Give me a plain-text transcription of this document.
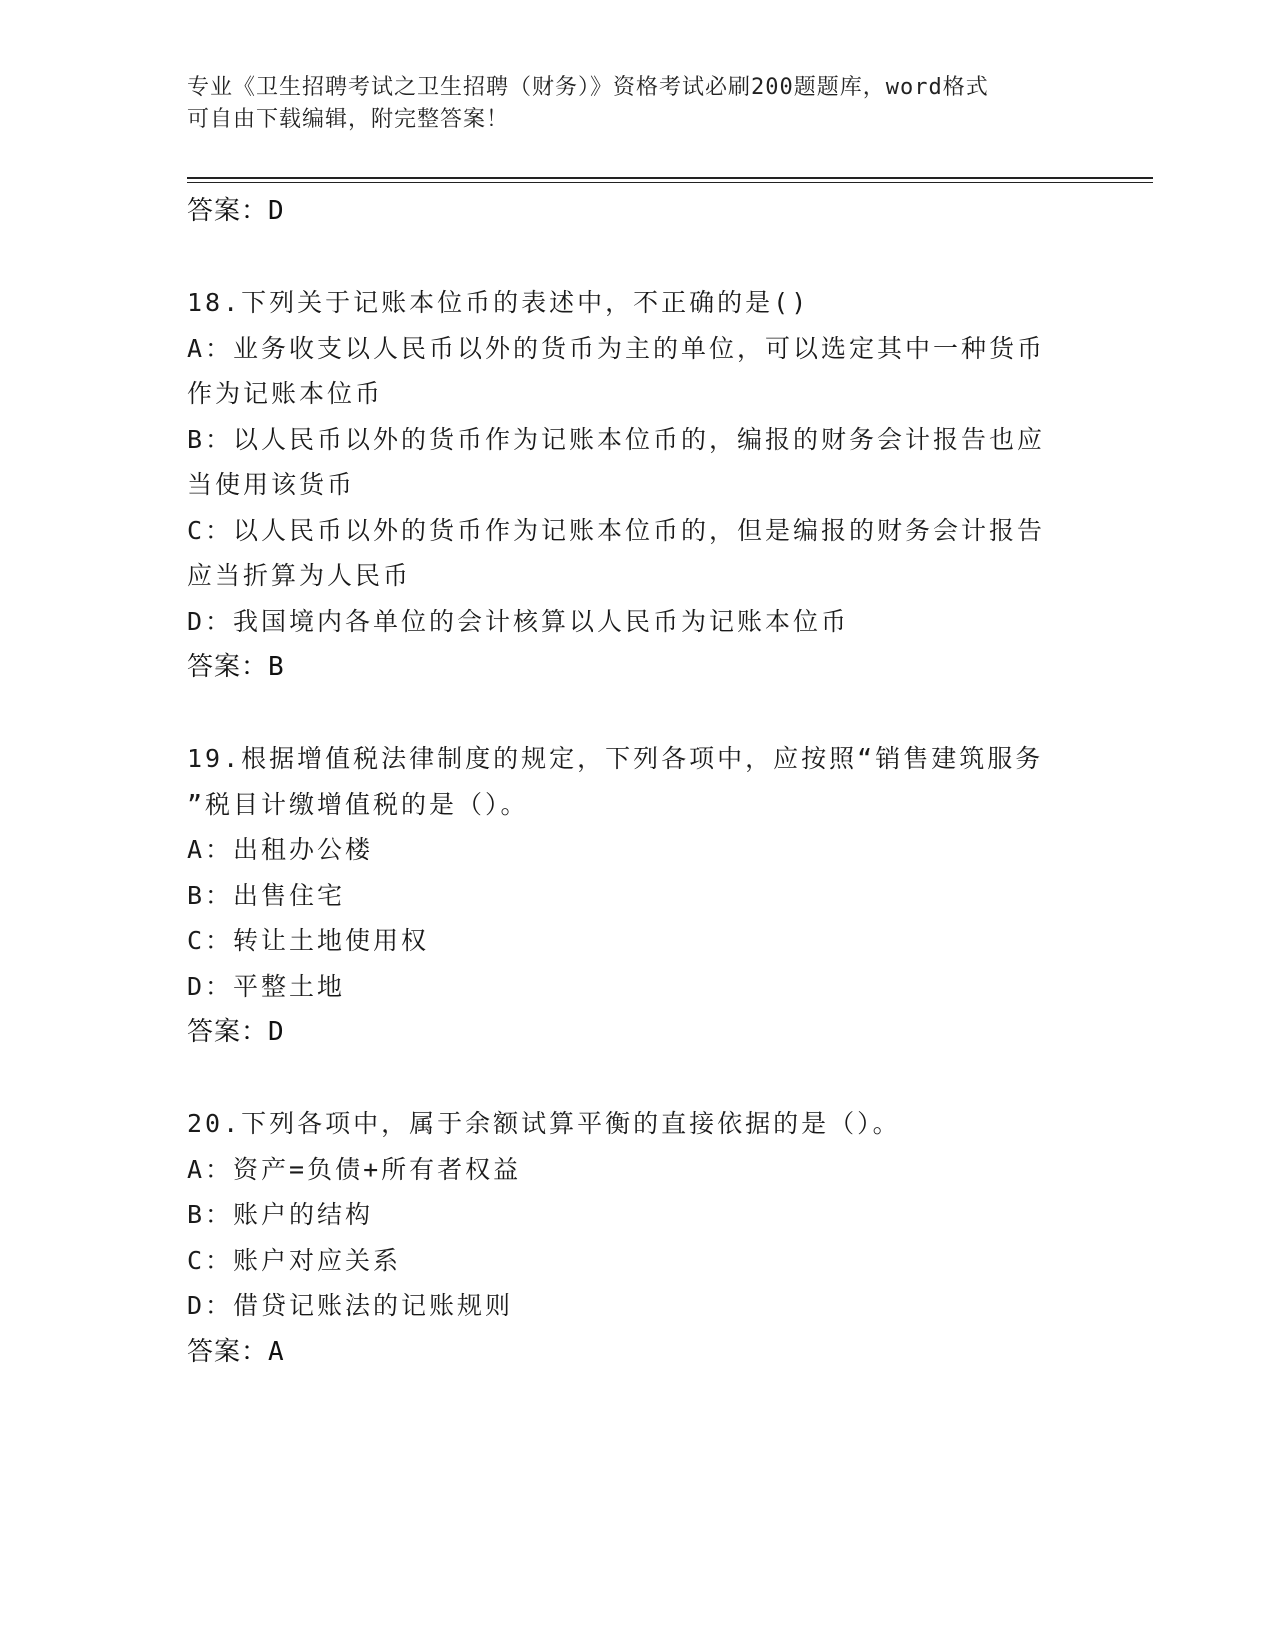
专业《卫生招聘考试之卫生招聘（财务）》资格考试必刷200题题库，word格式
可自由下载编辑，附完整答案！
答案：D
18.下列关于记账本位币的表述中，不正确的是()
A：业务收支以人民币以外的货币为主的单位，可以选定其中一种货币
作为记账本位币
B：以人民币以外的货币作为记账本位币的，编报的财务会计报告也应
当使用该货币
C：以人民币以外的货币作为记账本位币的，但是编报的财务会计报告
应当折算为人民币
D：我国境内各单位的会计核算以人民币为记账本位币
答案：B
19.根据增值税法律制度的规定，下列各项中，应按照“销售建筑服务
”税目计缴增值税的是（）。
A：出租办公楼
B：出售住宅
C：转让土地使用权
D：平整土地
答案：D
20.下列各项中，属于余额试算平衡的直接依据的是（）。
A：资产=负债+所有者权益
B：账户的结构
C：账户对应关系
D：借贷记账法的记账规则
答案：A
